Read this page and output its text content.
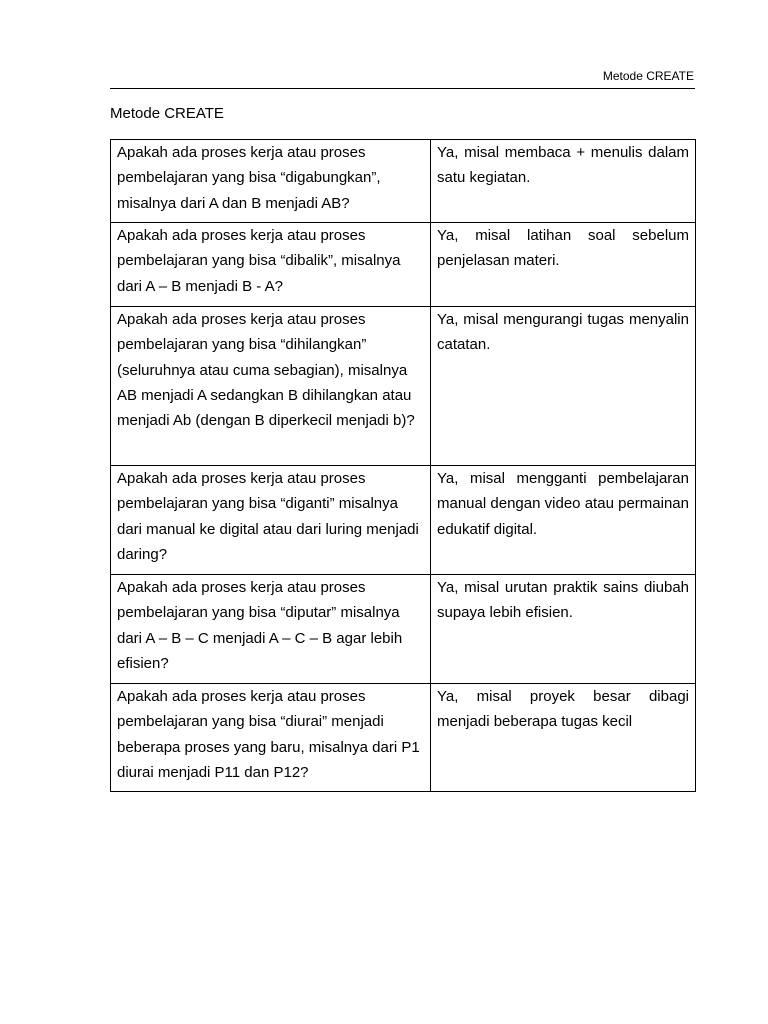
Metode CREATE
Metode CREATE
Apakah ada proses kerja atau proses pembelajaran yang bisa “digabungkan”, misalnya dari A dan B menjadi AB?	Ya, misal membaca + menulis dalam satu kegiatan.
Apakah ada proses kerja atau proses pembelajaran yang bisa “dibalik”, misalnya dari A – B menjadi B - A?	Ya, misal latihan soal sebelum penjelasan materi.
Apakah ada proses kerja atau proses pembelajaran yang bisa “dihilangkan” (seluruhnya atau cuma sebagian), misalnya AB menjadi A sedangkan B dihilangkan atau menjadi Ab (dengan B diperkecil menjadi b)?	Ya, misal mengurangi tugas menyalin catatan.
Apakah ada proses kerja atau proses pembelajaran yang bisa “diganti” misalnya dari manual ke digital atau dari luring menjadi daring?	Ya, misal mengganti pembelajaran manual dengan video atau permainan edukatif digital.
Apakah ada proses kerja atau proses pembelajaran yang bisa “diputar” misalnya dari A – B – C menjadi A – C – B agar lebih efisien?	Ya, misal urutan praktik sains diubah supaya lebih efisien.
Apakah ada proses kerja atau proses pembelajaran yang bisa “diurai” menjadi beberapa proses yang baru, misalnya dari P1 diurai menjadi P11 dan P12?	Ya, misal proyek besar dibagi menjadi beberapa tugas kecil
